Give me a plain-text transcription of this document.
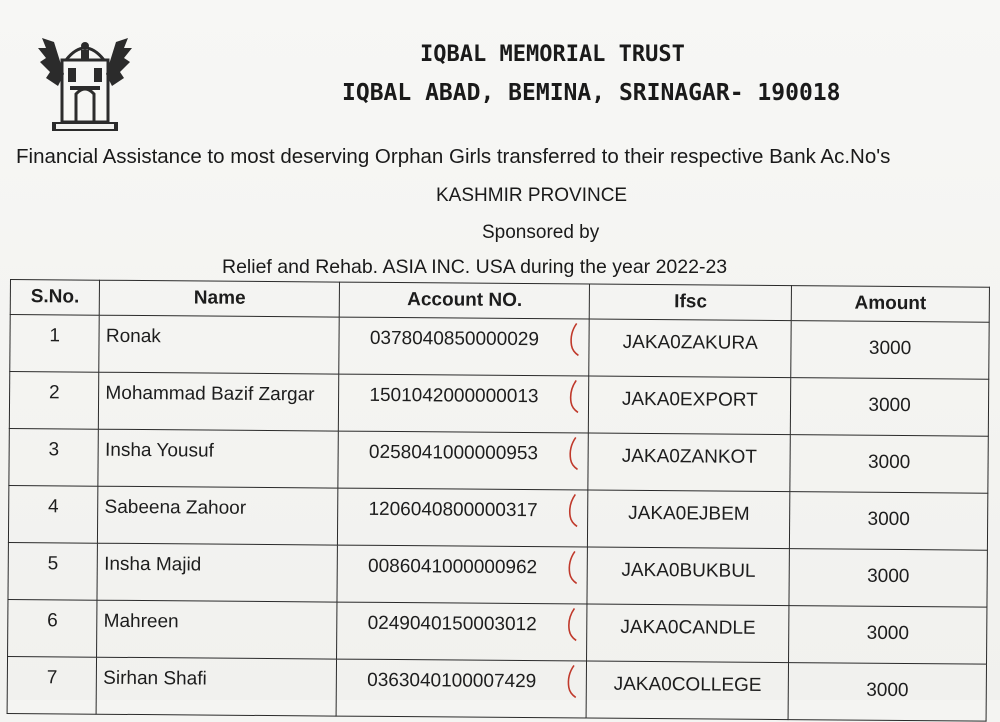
IQBAL MEMORIAL TRUST
IQBAL ABAD, BEMINA, SRINAGAR- 190018
Financial Assistance to most deserving Orphan Girls transferred to their respective Bank Ac.No's
KASHMIR PROVINCE
Sponsored by
Relief and Rehab. ASIA INC. USA during the year 2022-23
S.No.	Name	Account NO.	Ifsc	Amount

1	Ronak	0378040850000029	JAKA0ZAKURA	3000

2	Mohammad Bazif Zargar	1501042000000013	JAKA0EXPORT	3000

3	Insha Yousuf	0258041000000953	JAKA0ZANKOT	3000

4	Sabeena Zahoor	1206040800000317	JAKA0EJBEM	3000

5	Insha Majid	0086041000000962	JAKA0BUKBUL	3000

6	Mahreen	0249040150003012	JAKA0CANDLE	3000

7	Sirhan Shafi	0363040100007429	JAKA0COLLEGE	3000
